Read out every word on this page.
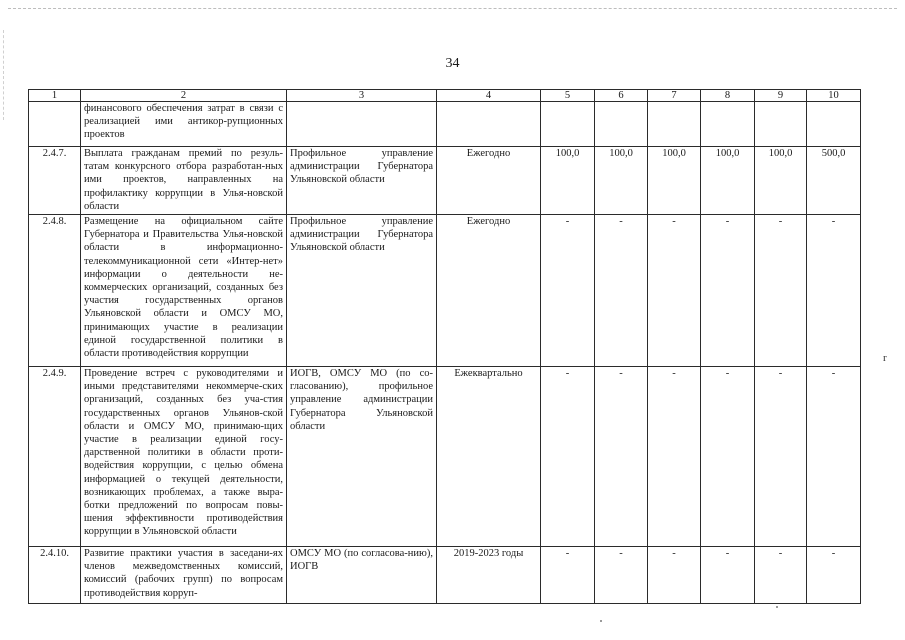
34
1	2	3	4	5	6	7	8	9	10
	финансового обеспечения затрат в связи с реализацией ими антикор-рупционных проектов								
2.4.7.	Выплата гражданам премий по резуль-татам конкурсного отбора разработан-ных ими проектов, направленных на профилактику коррупции в Улья-новской области	Профильное управление администрации Губернатора Ульяновской области	Ежегодно	100,0	100,0	100,0	100,0	100,0	500,0
2.4.8.	Размещение на официальном сайте Губернатора и Правительства Улья-новской области в информационно-телекоммуникационной сети «Интер-нет» информации о деятельности не-коммерческих организаций, созданных без участия государственных органов Ульяновской области и ОМСУ МО, принимающих участие в реализации единой государственной политики в области противодействия коррупции	Профильное управление администрации Губернатора Ульяновской области	Ежегодно	-	-	-	-	-	-
2.4.9.	Проведение встреч с руководителями и иными представителями некоммерче-ских организаций, созданных без уча-стия государственных органов Ульянов-ской области и ОМСУ МО, принимаю-щих участие в реализации единой госу-дарственной политики в области проти-водействия коррупции, с целью обмена информацией о текущей деятельности, возникающих проблемах, а также выра-ботки предложений по вопросам повы-шения эффективности противодействия коррупции в Ульяновской области	ИОГВ, ОМСУ МО (по со-гласованию), профильное управление администрации Губернатора Ульяновской области	Ежеквартально	-	-	-	-	-	-
2.4.10.	Развитие практики участия в заседани-ях членов межведомственных комиссий, комиссий (рабочих групп) по вопросам противодействия корруп-	ОМСУ МО (по согласова-нию), ИОГВ	2019-2023 годы	-	-	-	-	-	-
r
